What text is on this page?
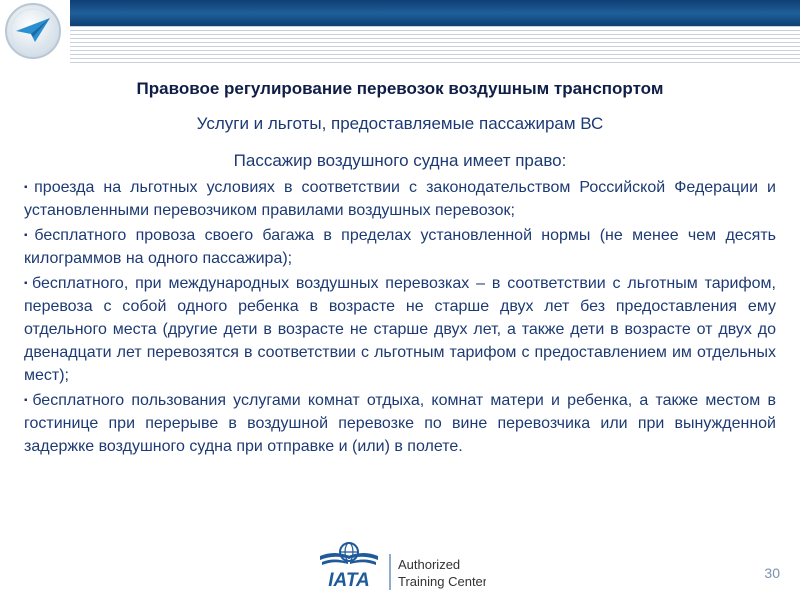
Правовое регулирование перевозок воздушным транспортом
Услуги и льготы, предоставляемые пассажирам ВС
Пассажир воздушного судна имеет право:
▪ проезда на льготных условиях в соответствии с законодательством Российской Федерации и установленными перевозчиком правилами воздушных перевозок;
▪ бесплатного провоза своего багажа в пределах установленной нормы (не менее чем десять килограммов на одного пассажира);
▪ бесплатного, при международных воздушных перевозках – в соответствии с льготным тарифом, перевоза с собой одного ребенка в возрасте не старше двух лет без предоставления ему отдельного места (другие дети в возрасте не старше двух лет, а также дети в возрасте от двух до двенадцати лет перевозятся в соответствии с льготным тарифом с предоставлением им отдельных мест);
▪ бесплатного пользования услугами комнат отдыха, комнат матери и ребенка, а также местом в гостинице при перерыве в воздушной перевозке по вине перевозчика или при вынужденной задержке воздушного судна при отправке и (или) в полете.
IATA
Authorized
Training Center
30
